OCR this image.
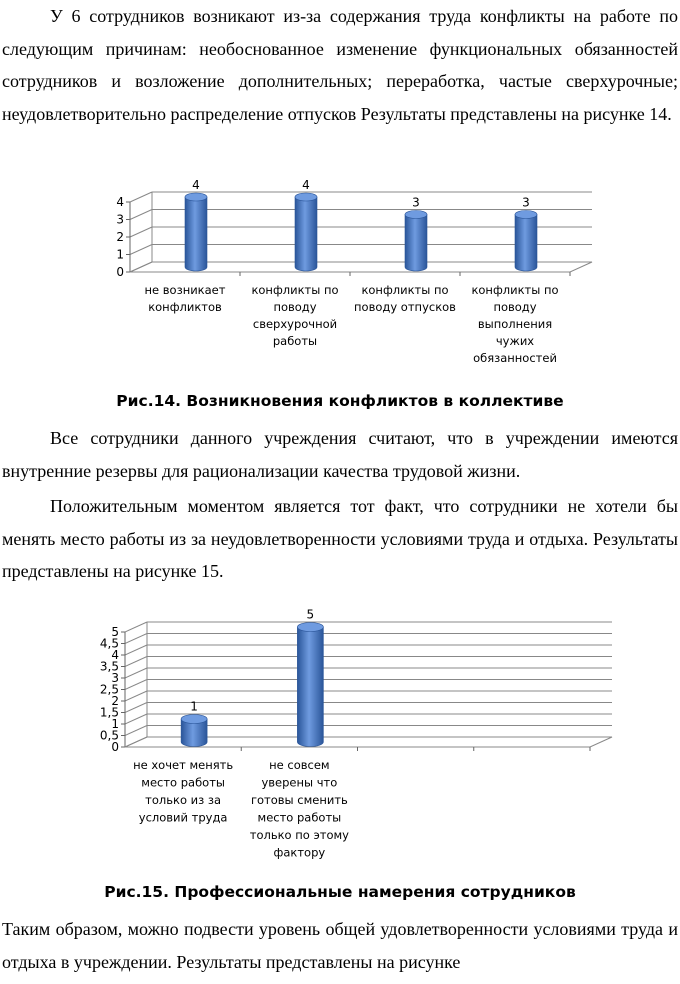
У 6 сотрудников возникают из-за содержания труда конфликты на работе по следующим причинам: необоснованное изменение функциональных обязанностей сотрудников и возложение дополнительных; переработка, частые сверхурочные; неудовлетворительно распределение отпусков Результаты представлены на рисунке 14.

0
1
2
3
4
не возникает
конфликтов
4
конфликты по
поводу
сверхурочной
работы
4
конфликты по
поводу отпусков
3
конфликты по
поводу
выполнения
чужих
обязанностей
3
Рис.14. Возникновения конфликтов в коллективе

Все сотрудники данного учреждения считают, что в учреждении имеются внутренние резервы для рационализации качества трудовой жизни.

Положительным моментом является тот факт, что сотрудники не хотели бы менять место работы из за неудовлетворенности условиями труда и отдыха. Результаты представлены на рисунке 15.

0
0,5
1
1,5
2
2,5
3
3,5
4
4,5
5
не хочет менять
место работы
только из за
условий труда
1
не совсем
уверены что
готовы сменить
место работы
только по этому
фактору
5
Рис.15. Профессиональные намерения сотрудников

Таким образом, можно подвести уровень общей удовлетворенности условиями труда и отдыха в учреждении. Результаты представлены на рисунке
